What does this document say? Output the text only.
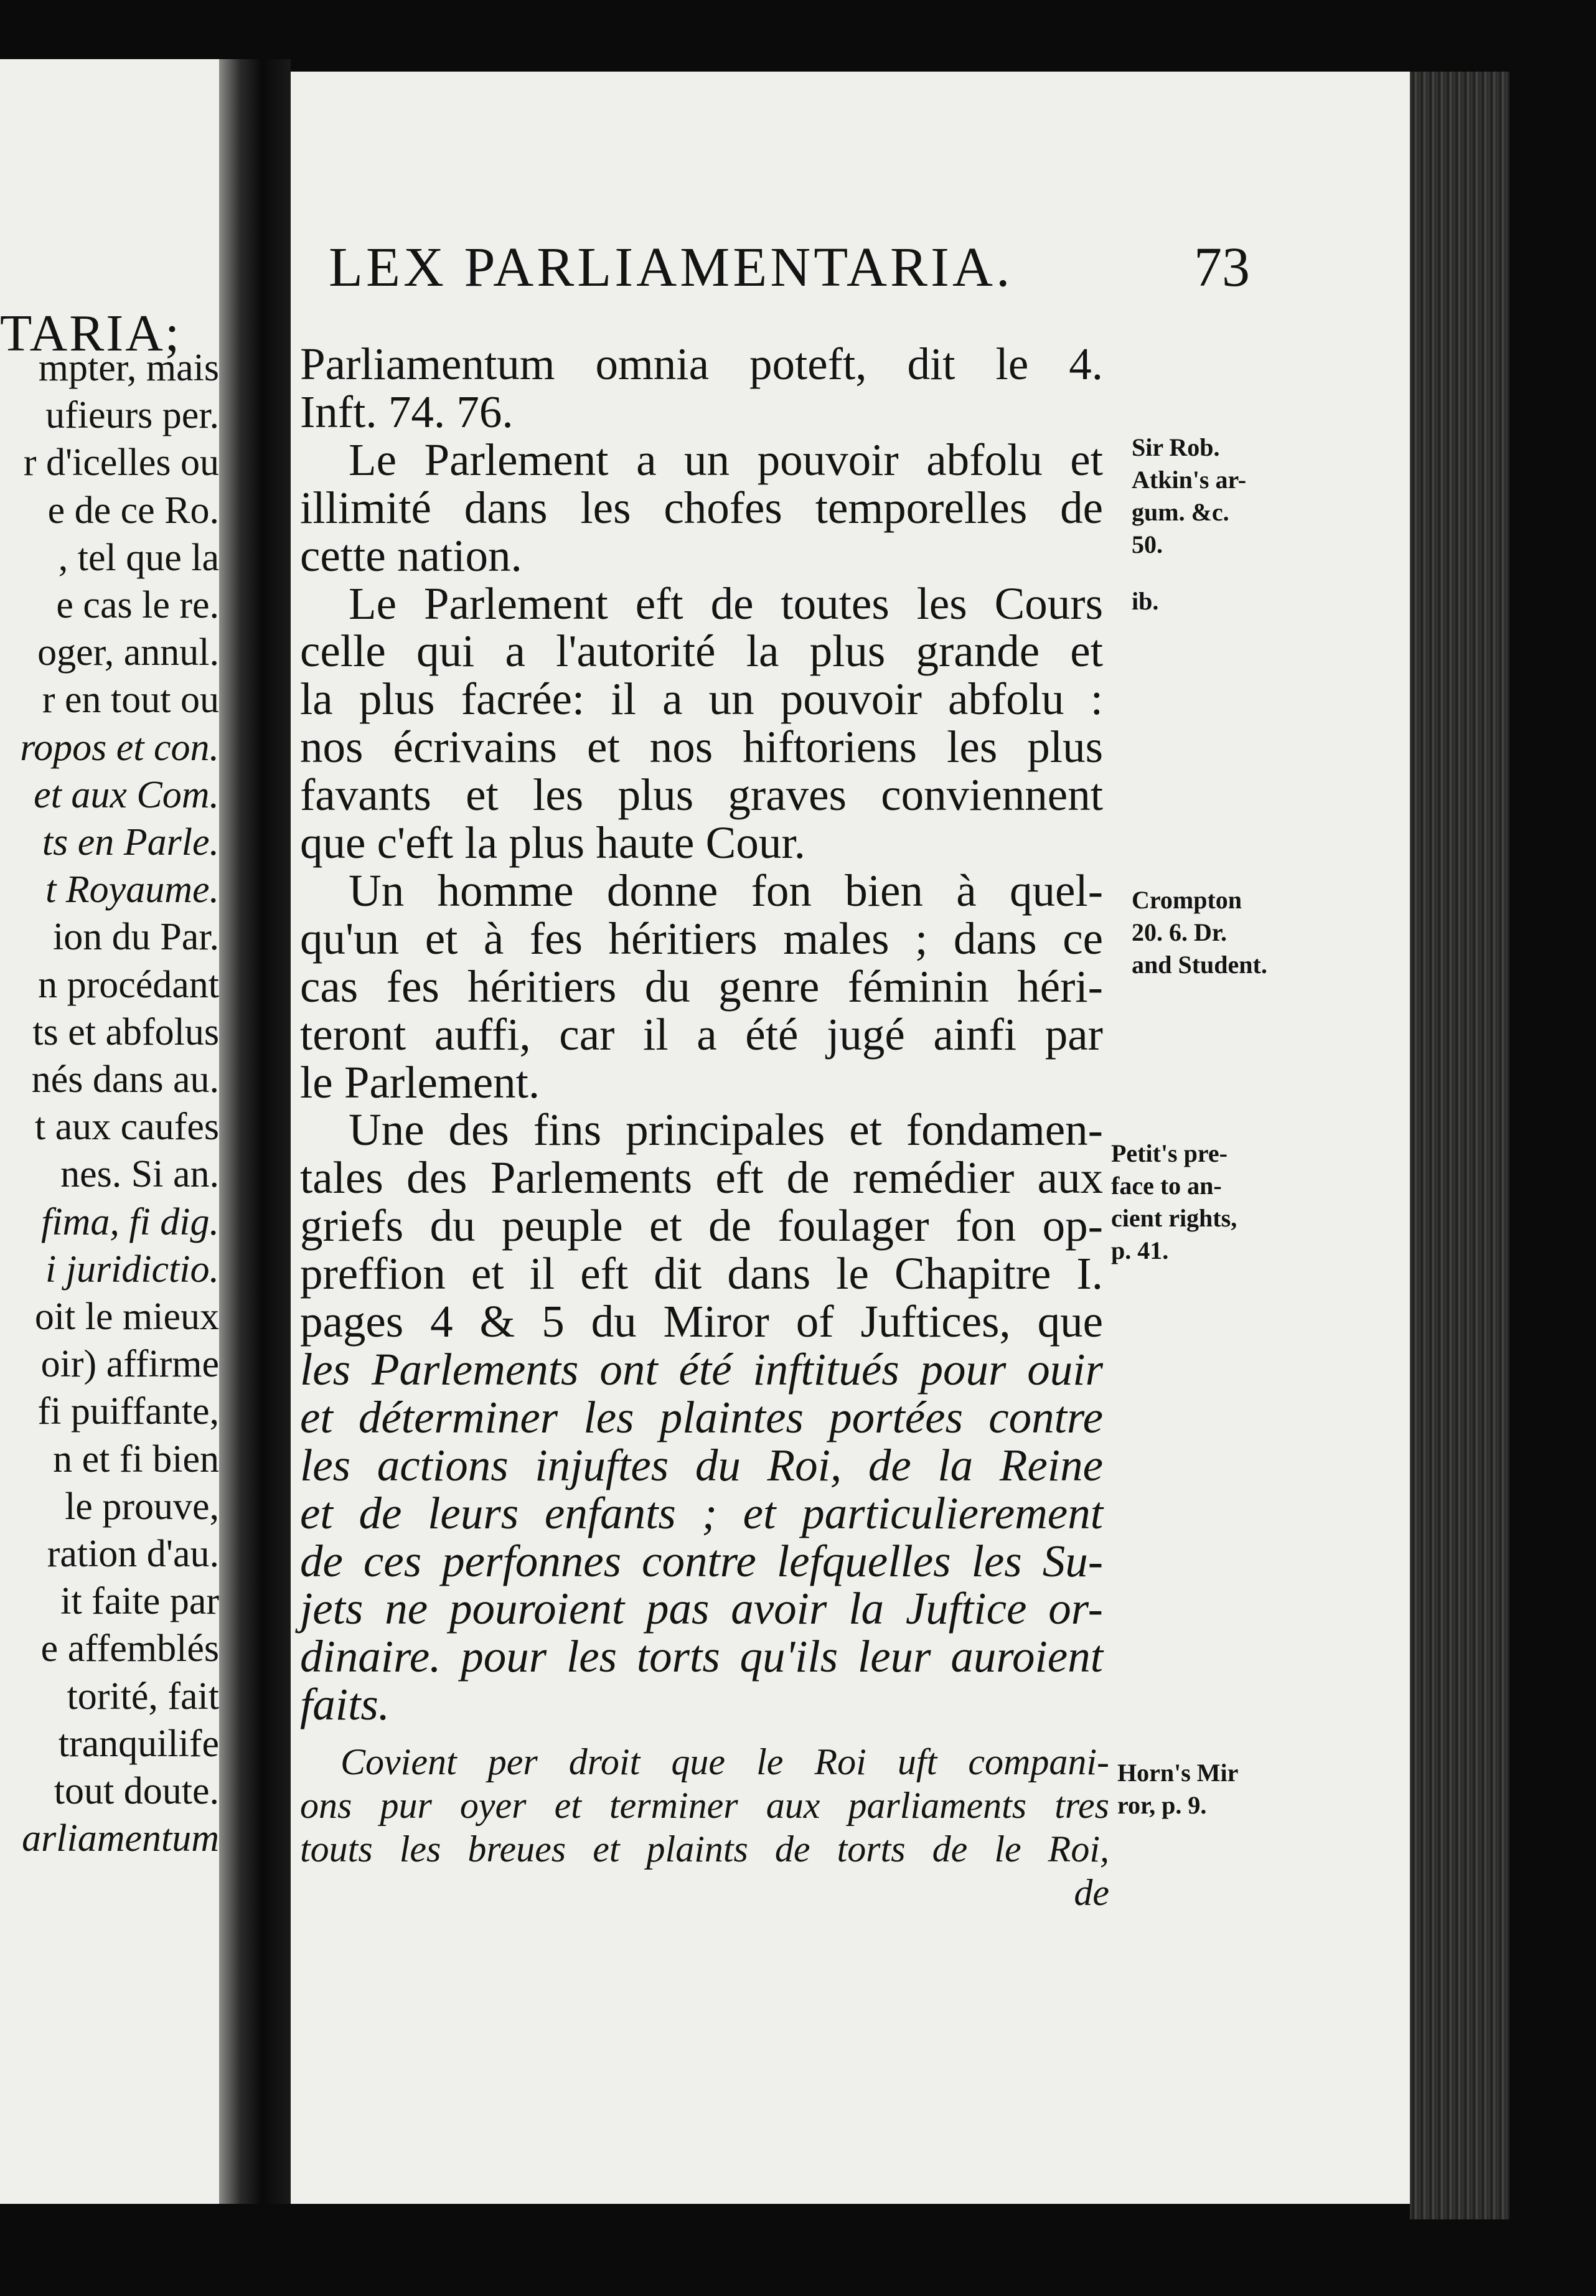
TARIA;
mpter, mais
ufieurs per.
r d'icelles ou
e de ce Ro.
, tel que la
e cas le re.
oger, annul.
r en tout ou
ropos et con.
et aux Com.
ts en Parle.
t Royaume.
ion du Par.
n procédant
ts et abfolus
nés dans au.
t aux caufes
nes. Si an.
fima, fi dig.
i juridictio.
oit le mieux
oir) affirme
fi puiffante,
n et fi bien
le prouve,
ration d'au.
it faite par
e affemblés
torité, fait
tranquilife
tout doute.
arliamentum
LEX PARLIAMENTARIA.	73
Parliamentum omnia poteft, dit le 4.
Inft. 74. 76.
Le Parlement a un pouvoir abfolu et
illimité dans les chofes temporelles de
cette nation.
Le Parlement eft de toutes les Cours
celle qui a l'autorité la plus grande et
la plus facrée: il a un pouvoir abfolu :
nos écrivains et nos hiftoriens les plus
favants et les plus graves conviennent
que c'eft la plus haute Cour.
Un homme donne fon bien à quel-
qu'un et à fes héritiers males ; dans ce
cas fes héritiers du genre féminin héri-
teront auffi, car il a été jugé ainfi par
le Parlement.
Une des fins principales et fondamen-
tales des Parlements eft de remédier aux
griefs du peuple et de foulager fon op-
preffion et il eft dit dans le Chapitre I.
pages 4 & 5 du Miror of Juftices, que
les Parlements ont été inftitués pour ouir
et déterminer les plaintes portées contre
les actions injuftes du Roi, de la Reine
et de leurs enfants ; et particulierement
de ces perfonnes contre lefquelles les Su-
jets ne pouroient pas avoir la Juftice or-
dinaire. pour les torts qu'ils leur auroient
faits.
Covient per droit que le Roi uft compani-
ons pur oyer et terminer aux parliaments tres
touts les breues et plaints de torts de le Roi,
de
Sir Rob.
Atkin's ar-
gum. &c.
50.
ib.
Crompton
20. 6. Dr.
and Student.
Petit's pre-
face to an-
cient rights,
p. 41.
Horn's Mir
ror, p. 9.
